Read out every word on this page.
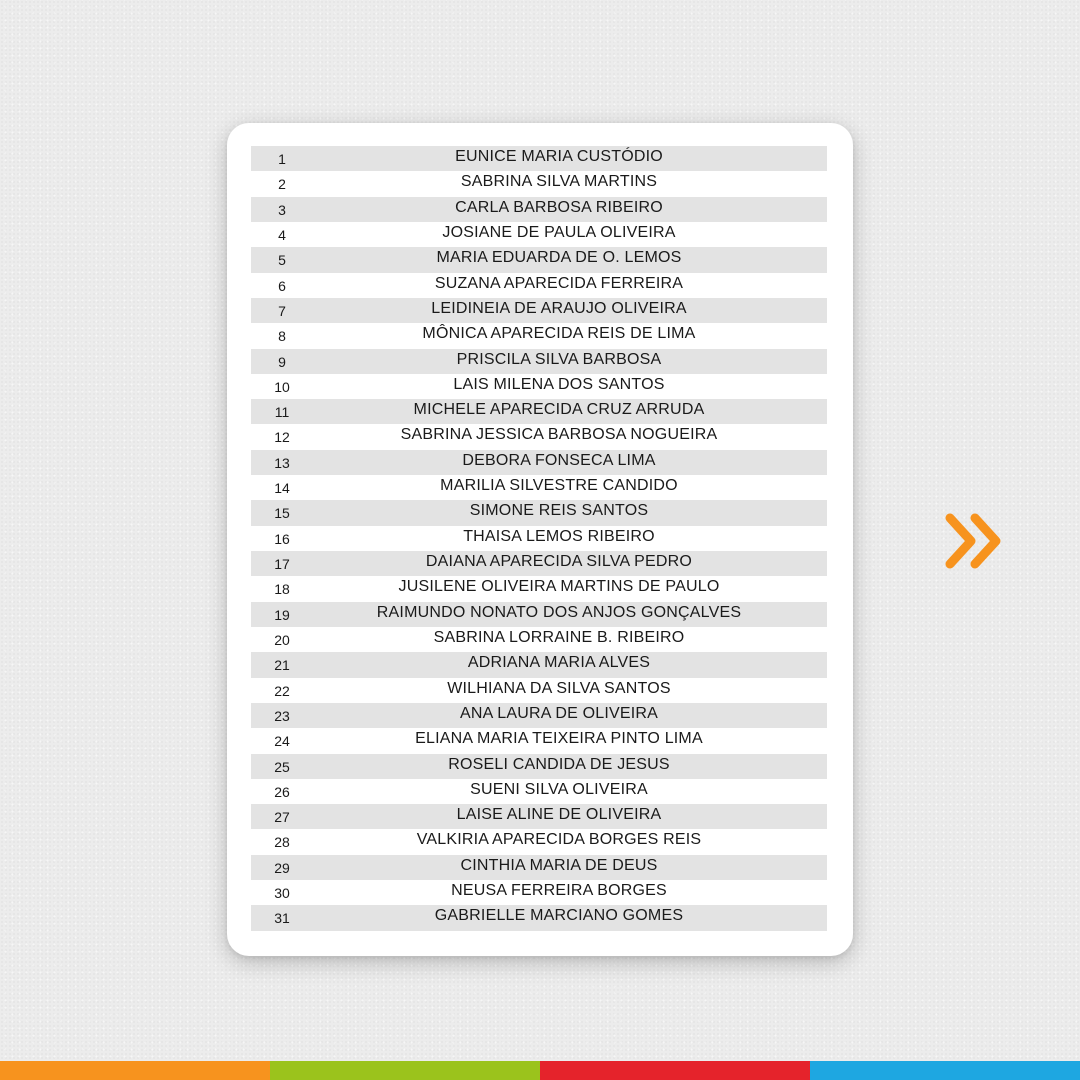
1	EUNICE MARIA CUSTÓDIO
2	SABRINA SILVA MARTINS
3	CARLA BARBOSA RIBEIRO
4	JOSIANE DE PAULA OLIVEIRA
5	MARIA EDUARDA DE O. LEMOS
6	SUZANA APARECIDA FERREIRA
7	LEIDINEIA DE ARAUJO OLIVEIRA
8	MÔNICA APARECIDA REIS DE LIMA
9	PRISCILA SILVA BARBOSA
10	LAIS MILENA DOS SANTOS
11	MICHELE APARECIDA CRUZ ARRUDA
12	SABRINA JESSICA BARBOSA NOGUEIRA
13	DEBORA FONSECA LIMA
14	MARILIA SILVESTRE CANDIDO
15	SIMONE REIS SANTOS
16	THAISA LEMOS RIBEIRO
17	DAIANA APARECIDA SILVA PEDRO
18	JUSILENE OLIVEIRA MARTINS DE PAULO
19	RAIMUNDO NONATO DOS ANJOS GONÇALVES
20	SABRINA LORRAINE B. RIBEIRO
21	ADRIANA MARIA ALVES
22	WILHIANA DA SILVA SANTOS
23	ANA LAURA DE OLIVEIRA
24	ELIANA MARIA TEIXEIRA PINTO LIMA
25	ROSELI CANDIDA DE JESUS
26	SUENI SILVA OLIVEIRA
27	LAISE ALINE DE OLIVEIRA
28	VALKIRIA APARECIDA BORGES REIS
29	CINTHIA MARIA DE DEUS
30	NEUSA FERREIRA BORGES
31	GABRIELLE MARCIANO GOMES
